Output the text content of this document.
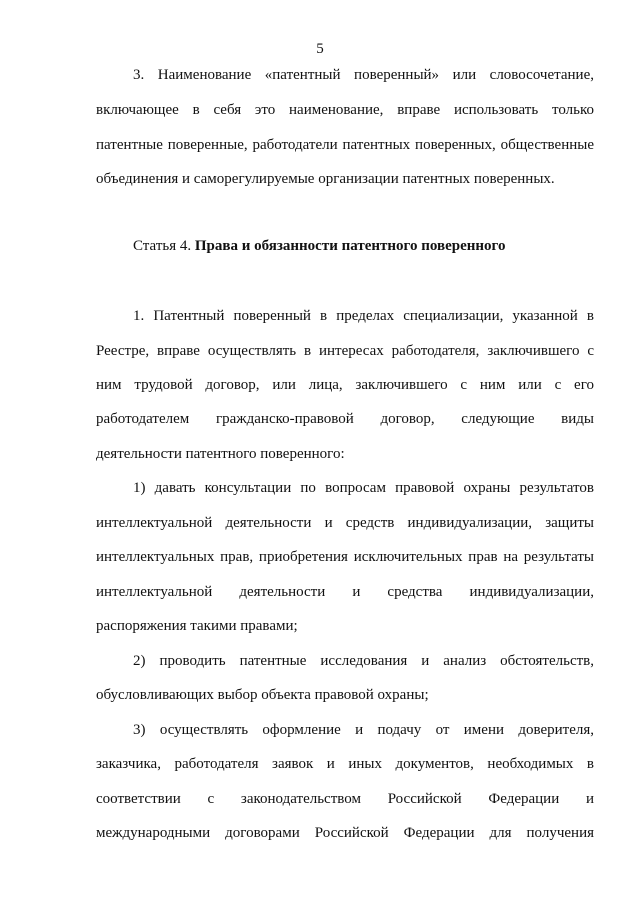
5
3. Наименование «патентный поверенный» или словосочетание,
включающее в себя это наименование, вправе использовать только
патентные поверенные, работодатели патентных поверенных, общественные
объединения и саморегулируемые организации патентных поверенных.
Статья 4. Права и обязанности патентного поверенного
1. Патентный поверенный в пределах специализации, указанной в
Реестре, вправе осуществлять в интересах работодателя, заключившего с
ним трудовой договор, или лица, заключившего с ним или с его
работодателем гражданско-правовой договор, следующие виды
деятельности патентного поверенного:
1) давать консультации по вопросам правовой охраны результатов
интеллектуальной деятельности и средств индивидуализации, защиты
интеллектуальных прав, приобретения исключительных прав на результаты
интеллектуальной деятельности и средства индивидуализации,
распоряжения такими правами;
2) проводить патентные исследования и анализ обстоятельств,
обусловливающих выбор объекта правовой охраны;
3) осуществлять оформление и подачу от имени доверителя,
заказчика, работодателя заявок и иных документов, необходимых в
соответствии с законодательством Российской Федерации и
международными договорами Российской Федерации для получения
